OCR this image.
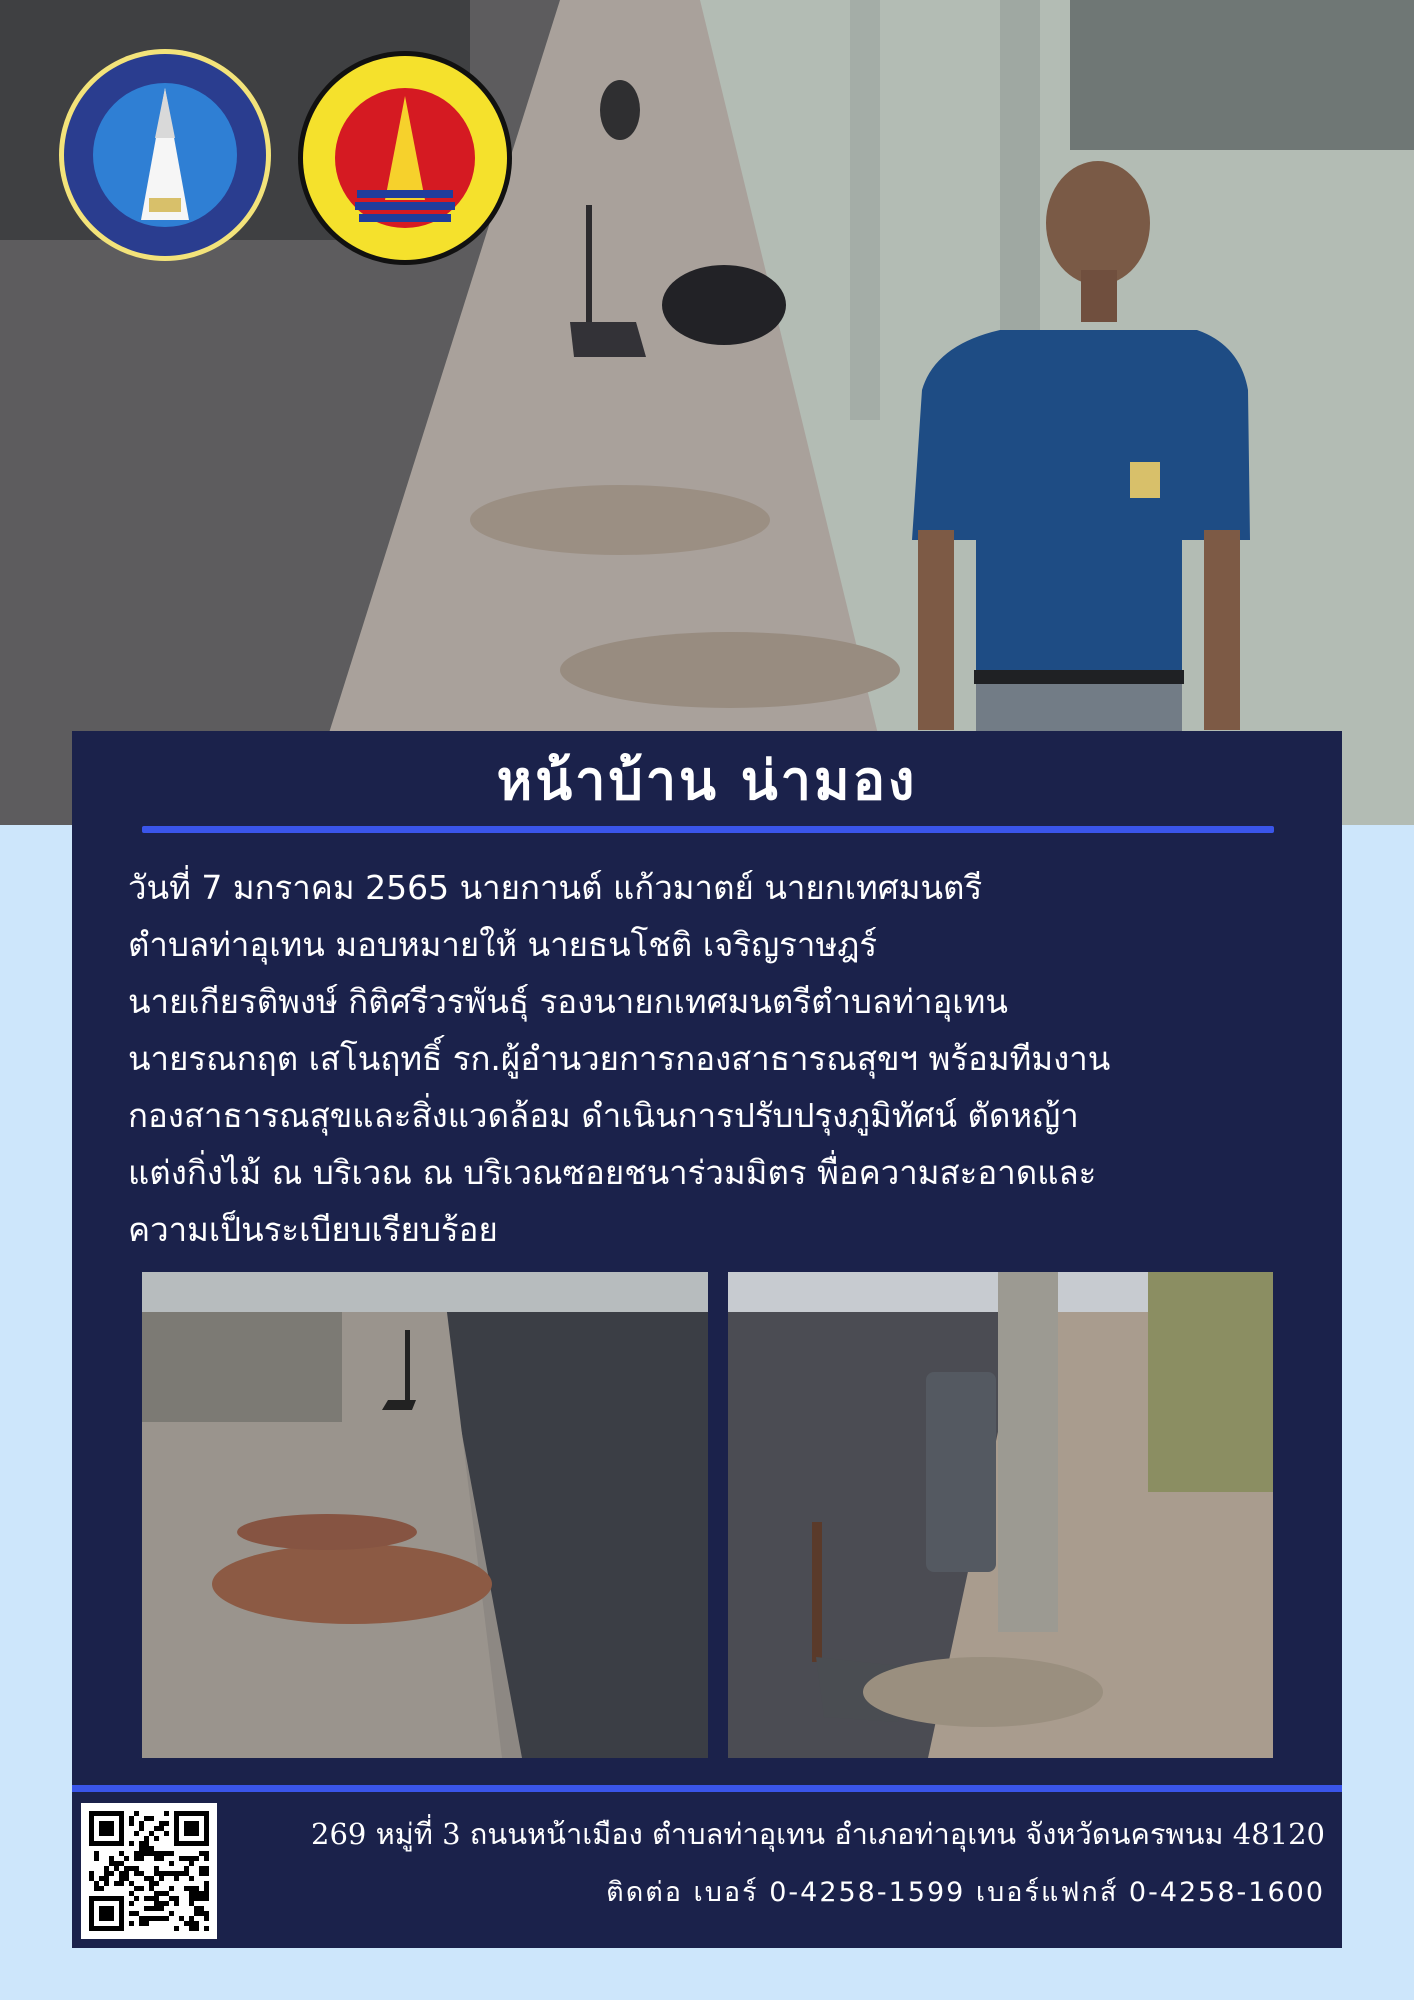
หน้าบ้าน น่ามอง
วันที่ 7 มกราคม 2565 นายกานต์ แก้วมาตย์ นายกเทศมนตรี
ตำบลท่าอุเทน มอบหมายให้ นายธนโชติ เจริญราษฎร์
นายเกียรติพงษ์ กิติศรีวรพันธุ์ รองนายกเทศมนตรีตำบลท่าอุเทน
นายรณกฤต เสโนฤทธิ์ รก.ผู้อำนวยการกองสาธารณสุขฯ พร้อมทีมงาน
กองสาธารณสุขและสิ่งแวดล้อม ดำเนินการปรับปรุงภูมิทัศน์ ตัดหญ้า
แต่งกิ่งไม้ ณ บริเวณ ณ บริเวณซอยชนาร่วมมิตร พื่อความสะอาดและ
ความเป็นระเบียบเรียบร้อย
269 หมู่ที่ 3 ถนนหน้าเมือง ตำบลท่าอุเทน อำเภอท่าอุเทน จังหวัดนครพนม 48120
ติดต่อ เบอร์ 0-4258-1599 เบอร์แฟกส์ 0-4258-1600
